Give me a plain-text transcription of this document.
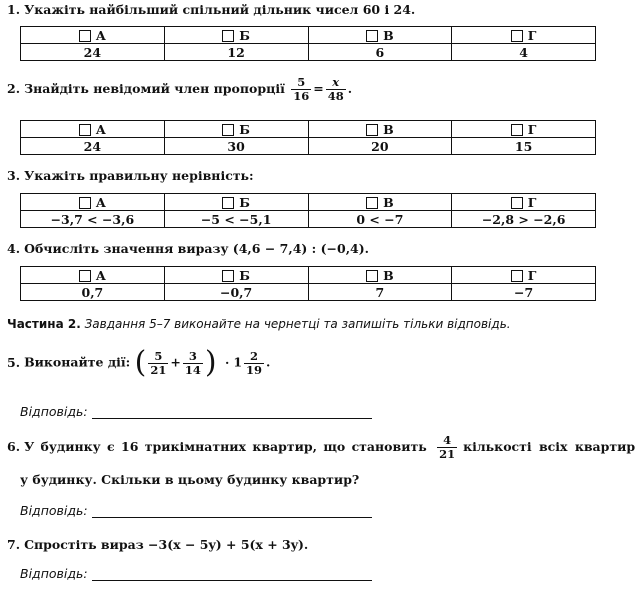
1. Укажіть найбільший спільний дільник чисел 60 і 24.
А	Б	В	Г
24	12	6	4
2. Знайдіть невідомий член пропорції $\frac{5}{16} = \frac{x}{48}$ .
А	Б	В	Г
24	30	20	15
3. Укажіть правильну нерівність:
А	Б	В	Г
−3,7 < −3,6	−5 < −5,1	0 < −7	−2,8 > −2,6
4. Обчисліть значення виразу (4,6 − 7,4) : (−0,4).
А	Б	В	Г
0,7	−0,7	7	−7
Частина 2. Завдання 5–7 виконайте на чернетці та запишіть тільки відповідь.
5. Виконайте дії: ( $\frac{5}{21} + \frac{3}{14}$ ) · $1 \frac{2}{19}$ .
Відповідь:
6. У будинку є 16 трикімнатних квартир, що становить $\frac{4}{21}$ кількості всіх квартир
у будинку. Скільки в цьому будинку квартир?
Відповідь:
7. Спростіть вираз −3(x − 5y) + 5(x + 3y).
Відповідь:
